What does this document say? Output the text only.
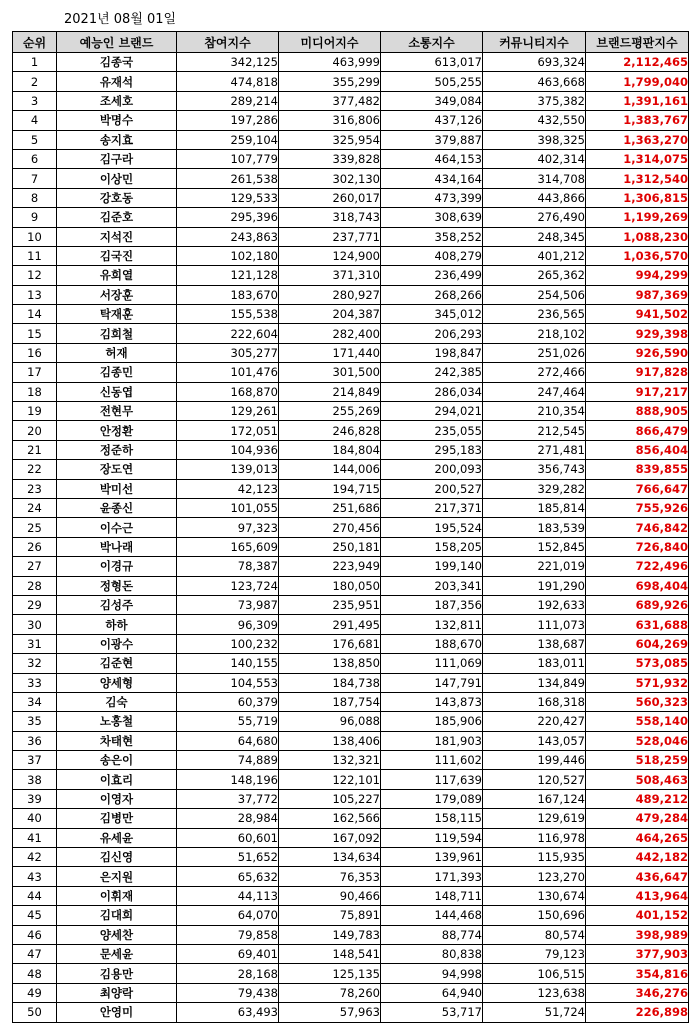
2021년 08월 01일
순위	예능인 브랜드	참여지수	미디어지수	소통지수	커뮤니티지수	브랜드평판지수
1	김종국	342,125	463,999	613,017	693,324	2,112,465
2	유재석	474,818	355,299	505,255	463,668	1,799,040
3	조세호	289,214	377,482	349,084	375,382	1,391,161
4	박명수	197,286	316,806	437,126	432,550	1,383,767
5	송지효	259,104	325,954	379,887	398,325	1,363,270
6	김구라	107,779	339,828	464,153	402,314	1,314,075
7	이상민	261,538	302,130	434,164	314,708	1,312,540
8	강호동	129,533	260,017	473,399	443,866	1,306,815
9	김준호	295,396	318,743	308,639	276,490	1,199,269
10	지석진	243,863	237,771	358,252	248,345	1,088,230
11	김국진	102,180	124,900	408,279	401,212	1,036,570
12	유희열	121,128	371,310	236,499	265,362	994,299
13	서장훈	183,670	280,927	268,266	254,506	987,369
14	탁재훈	155,538	204,387	345,012	236,565	941,502
15	김희철	222,604	282,400	206,293	218,102	929,398
16	허재	305,277	171,440	198,847	251,026	926,590
17	김종민	101,476	301,500	242,385	272,466	917,828
18	신동엽	168,870	214,849	286,034	247,464	917,217
19	전현무	129,261	255,269	294,021	210,354	888,905
20	안정환	172,051	246,828	235,055	212,545	866,479
21	정준하	104,936	184,804	295,183	271,481	856,404
22	장도연	139,013	144,006	200,093	356,743	839,855
23	박미선	42,123	194,715	200,527	329,282	766,647
24	윤종신	101,055	251,686	217,371	185,814	755,926
25	이수근	97,323	270,456	195,524	183,539	746,842
26	박나래	165,609	250,181	158,205	152,845	726,840
27	이경규	78,387	223,949	199,140	221,019	722,496
28	정형돈	123,724	180,050	203,341	191,290	698,404
29	김성주	73,987	235,951	187,356	192,633	689,926
30	하하	96,309	291,495	132,811	111,073	631,688
31	이광수	100,232	176,681	188,670	138,687	604,269
32	김준현	140,155	138,850	111,069	183,011	573,085
33	양세형	104,553	184,738	147,791	134,849	571,932
34	김숙	60,379	187,754	143,873	168,318	560,323
35	노홍철	55,719	96,088	185,906	220,427	558,140
36	차태현	64,680	138,406	181,903	143,057	528,046
37	송은이	74,889	132,321	111,602	199,446	518,259
38	이효리	148,196	122,101	117,639	120,527	508,463
39	이영자	37,772	105,227	179,089	167,124	489,212
40	김병만	28,984	162,566	158,115	129,619	479,284
41	유세윤	60,601	167,092	119,594	116,978	464,265
42	김신영	51,652	134,634	139,961	115,935	442,182
43	은지원	65,632	76,353	171,393	123,270	436,647
44	이휘재	44,113	90,466	148,711	130,674	413,964
45	김대희	64,070	75,891	144,468	150,696	401,152
46	양세찬	79,858	149,783	88,774	80,574	398,989
47	문세윤	69,401	148,541	80,838	79,123	377,903
48	김용만	28,168	125,135	94,998	106,515	354,816
49	최양락	79,438	78,260	64,940	123,638	346,276
50	안영미	63,493	57,963	53,717	51,724	226,898
